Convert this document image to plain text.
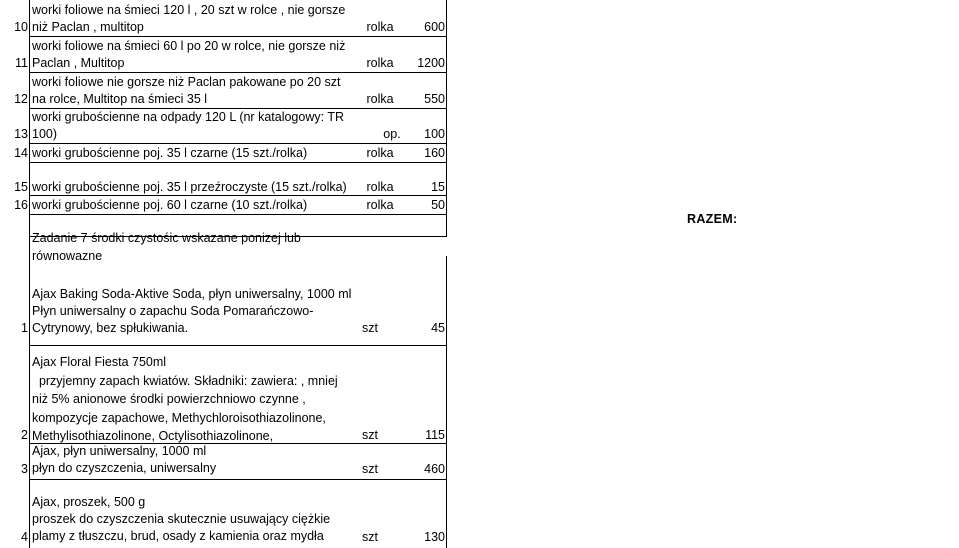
10
worki foliowe na śmieci 120 l , 20 szt w rolce , nie gorsze
niż Paclan , multitop	rolka	600
11
worki foliowe na śmieci 60 l po 20 w rolce, nie gorsze niż
Paclan , Multitop	rolka	1200
12
worki foliowe nie gorsze niż Paclan pakowane po 20 szt
na rolce, Multitop na śmieci 35 l	rolka	550
13
worki grubościenne na odpady 120 L (nr katalogowy: TR
100)	op.	100
14 worki grubościenne poj. 35 l czarne (15 szt./rolka)	rolka	160
15 worki grubościenne poj. 35 l przeźroczyste (15 szt./rolka)	rolka	15
16 worki grubościenne poj. 60 l czarne (10 szt./rolka)	rolka	50
RAZEM:
Zadanie 7 środki czystośic wskazane ponizej lub równowazne
1
Ajax Baking Soda-Aktive Soda, płyn uniwersalny, 1000 ml
Płyn uniwersalny o zapachu Soda Pomarańczowo-
Cytrynowy, bez spłukiwania.	szt	45
2
Ajax Floral Fiesta 750ml
przyjemny zapach kwiatów. Składniki: zawiera: , mniej
niż 5% anionowe środki powierzchniowo czynne ,
kompozycje zapachowe, Methychloroisothiazolinone,
Methylisothiazolinone, Octylisothiazolinone,	szt	115
3
Ajax, płyn uniwersalny, 1000 ml
płyn do czyszczenia, uniwersalny	szt	460
4
Ajax, proszek, 500 g
proszek do czyszczenia skutecznie usuwający ciężkie
plamy z tłuszczu, brud, osady z kamienia oraz mydła	szt	130
